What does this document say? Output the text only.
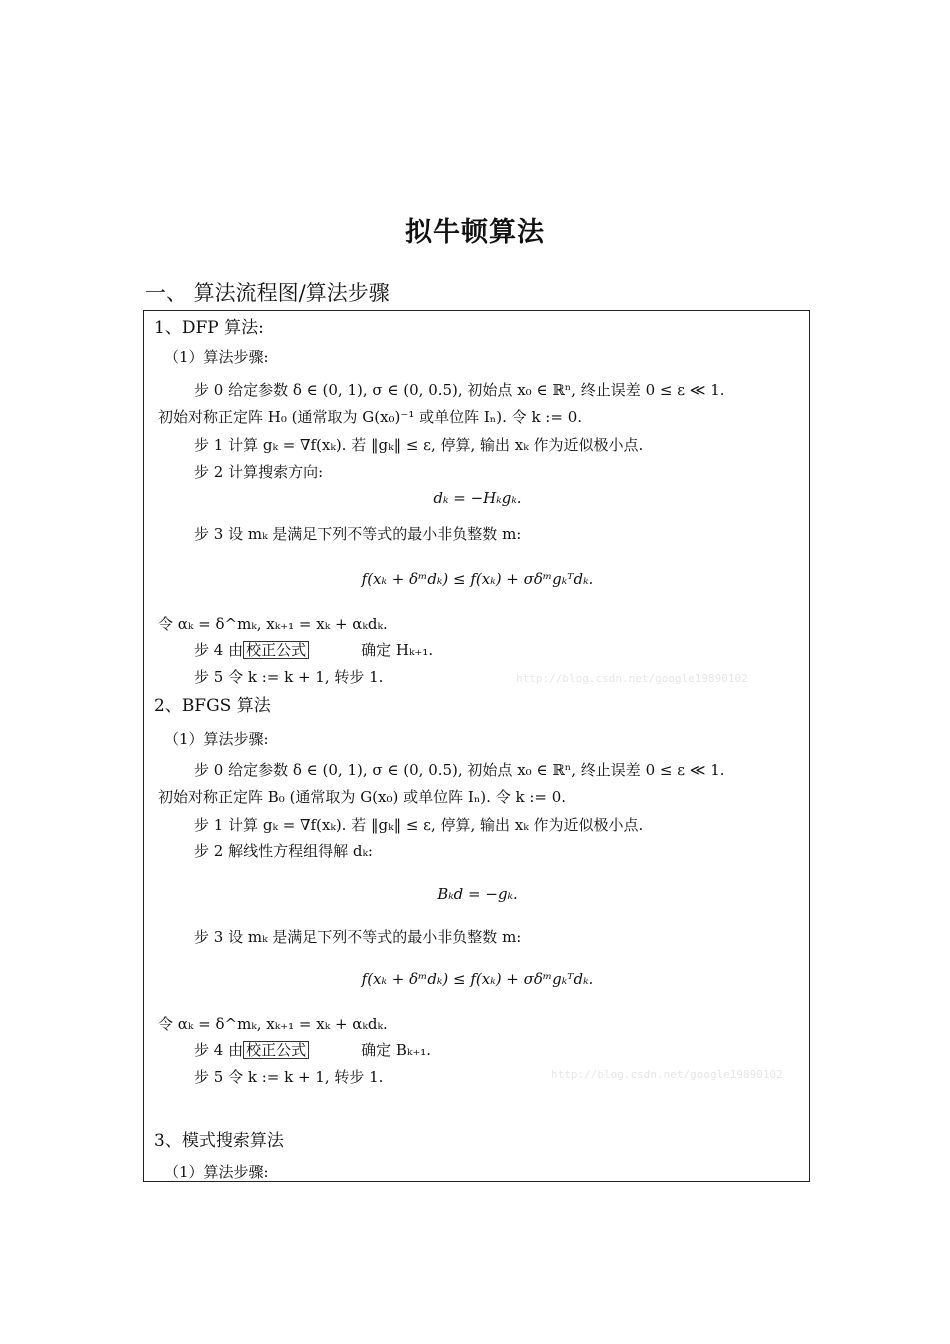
拟牛顿算法
一、 算法流程图/算法步骤
1、DFP 算法:
（1）算法步骤:
步 0 给定参数 δ ∈ (0, 1), σ ∈ (0, 0.5), 初始点 x₀ ∈ ℝⁿ, 终止误差 0 ≤ ε ≪ 1.
初始对称正定阵 H₀ (通常取为 G(x₀)⁻¹ 或单位阵 Iₙ). 令 k := 0.
步 1 计算 gₖ = ∇f(xₖ). 若 ‖gₖ‖ ≤ ε, 停算, 输出 xₖ 作为近似极小点.
步 2 计算搜索方向:
dₖ = −Hₖgₖ.
步 3 设 mₖ 是满足下列不等式的最小非负整数 m:
f(xₖ + δᵐdₖ) ≤ f(xₖ) + σδᵐgₖᵀdₖ.
令 αₖ = δ^mₖ, xₖ₊₁ = xₖ + αₖdₖ.
步 4 由 校正公式	确定 Hₖ₊₁.
步 5 令 k := k + 1, 转步 1.	http://blog.csdn.net/google19890102
2、BFGS 算法
（1）算法步骤:
步 0 给定参数 δ ∈ (0, 1), σ ∈ (0, 0.5), 初始点 x₀ ∈ ℝⁿ, 终止误差 0 ≤ ε ≪ 1.
初始对称正定阵 B₀ (通常取为 G(x₀) 或单位阵 Iₙ). 令 k := 0.
步 1 计算 gₖ = ∇f(xₖ). 若 ‖gₖ‖ ≤ ε, 停算, 输出 xₖ 作为近似极小点.
步 2 解线性方程组得解 dₖ:
Bₖd = −gₖ.
步 3 设 mₖ 是满足下列不等式的最小非负整数 m:
f(xₖ + δᵐdₖ) ≤ f(xₖ) + σδᵐgₖᵀdₖ.
令 αₖ = δ^mₖ, xₖ₊₁ = xₖ + αₖdₖ.
步 4 由 校正公式	确定 Bₖ₊₁.
步 5 令 k := k + 1, 转步 1.	http://blog.csdn.net/google19890102
3、模式搜索算法
（1）算法步骤:
